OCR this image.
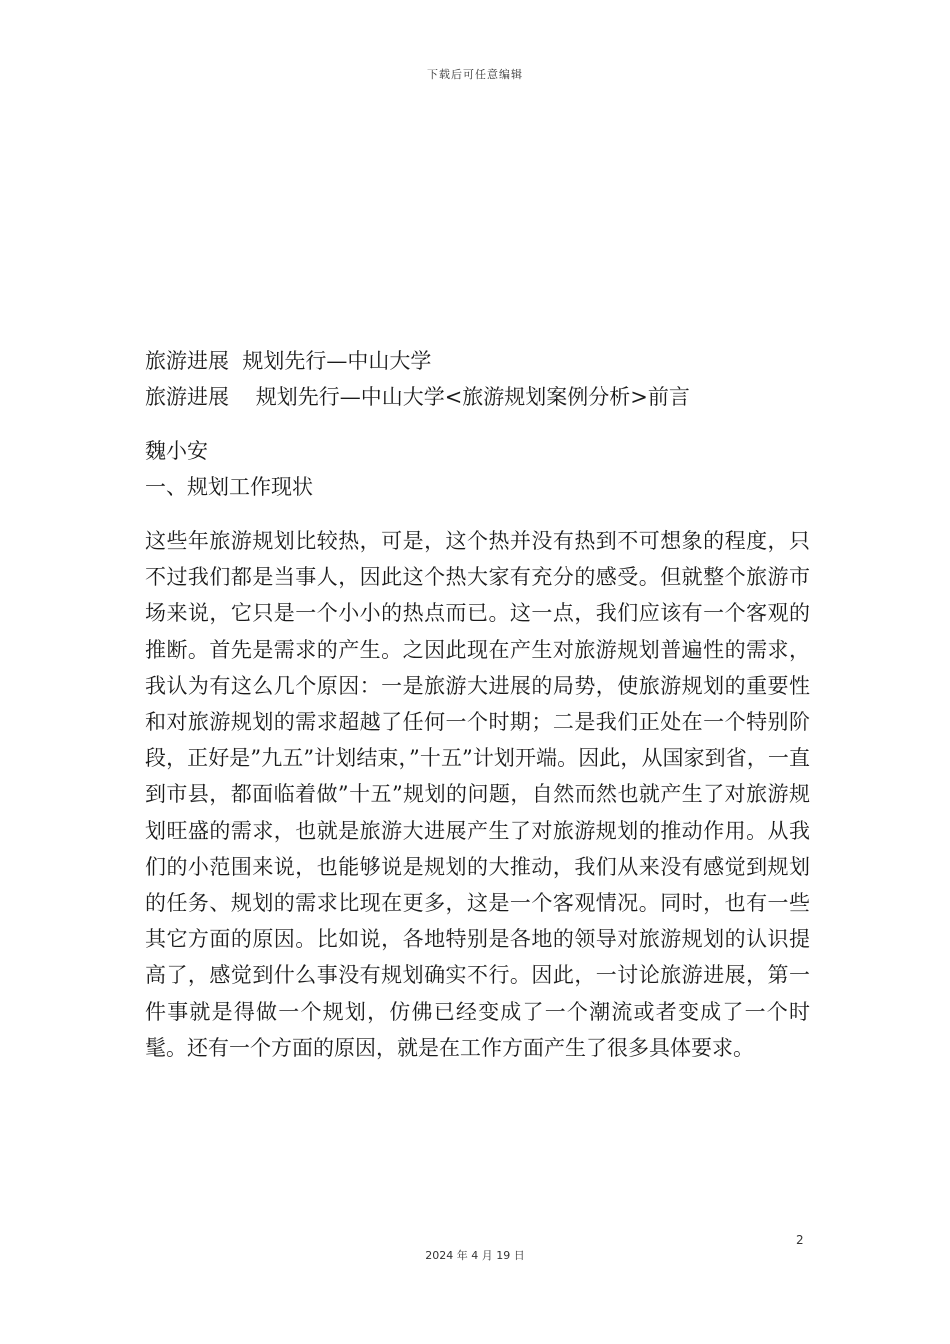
下载后可任意编辑
旅游进展  规划先行—中山大学
旅游进展    规划先行—中山大学<旅游规划案例分析>前言
魏小安
一、规划工作现状

这些年旅游规划比较热，可是，这个热并没有热到不可想象的程度，只不过我们都是当事人，因此这个热大家有充分的感受。但就整个旅游市场来说，它只是一个小小的热点而已。这一点，我们应该有一个客观的推断。首先是需求的产生。之因此现在产生对旅游规划普遍性的需求，我认为有这么几个原因：一是旅游大进展的局势，使旅游规划的重要性和对旅游规划的需求超越了任何一个时期；二是我们正处在一个特别阶段，正好是”九五”计划结束，”十五”计划开端。因此，从国家到省，一直到市县，都面临着做”十五”规划的问题，自然而然也就产生了对旅游规划旺盛的需求，也就是旅游大进展产生了对旅游规划的推动作用。从我们的小范围来说，也能够说是规划的大推动，我们从来没有感觉到规划的任务、规划的需求比现在更多，这是一个客观情况。同时，也有一些其它方面的原因。比如说，各地特别是各地的领导对旅游规划的认识提高了，感觉到什么事没有规划确实不行。因此，一讨论旅游进展，第一件事就是得做一个规划，仿佛已经变成了一个潮流或者变成了一个时髦。还有一个方面的原因，就是在工作方面产生了很多具体要求。

2
2024 年 4 月 19 日
